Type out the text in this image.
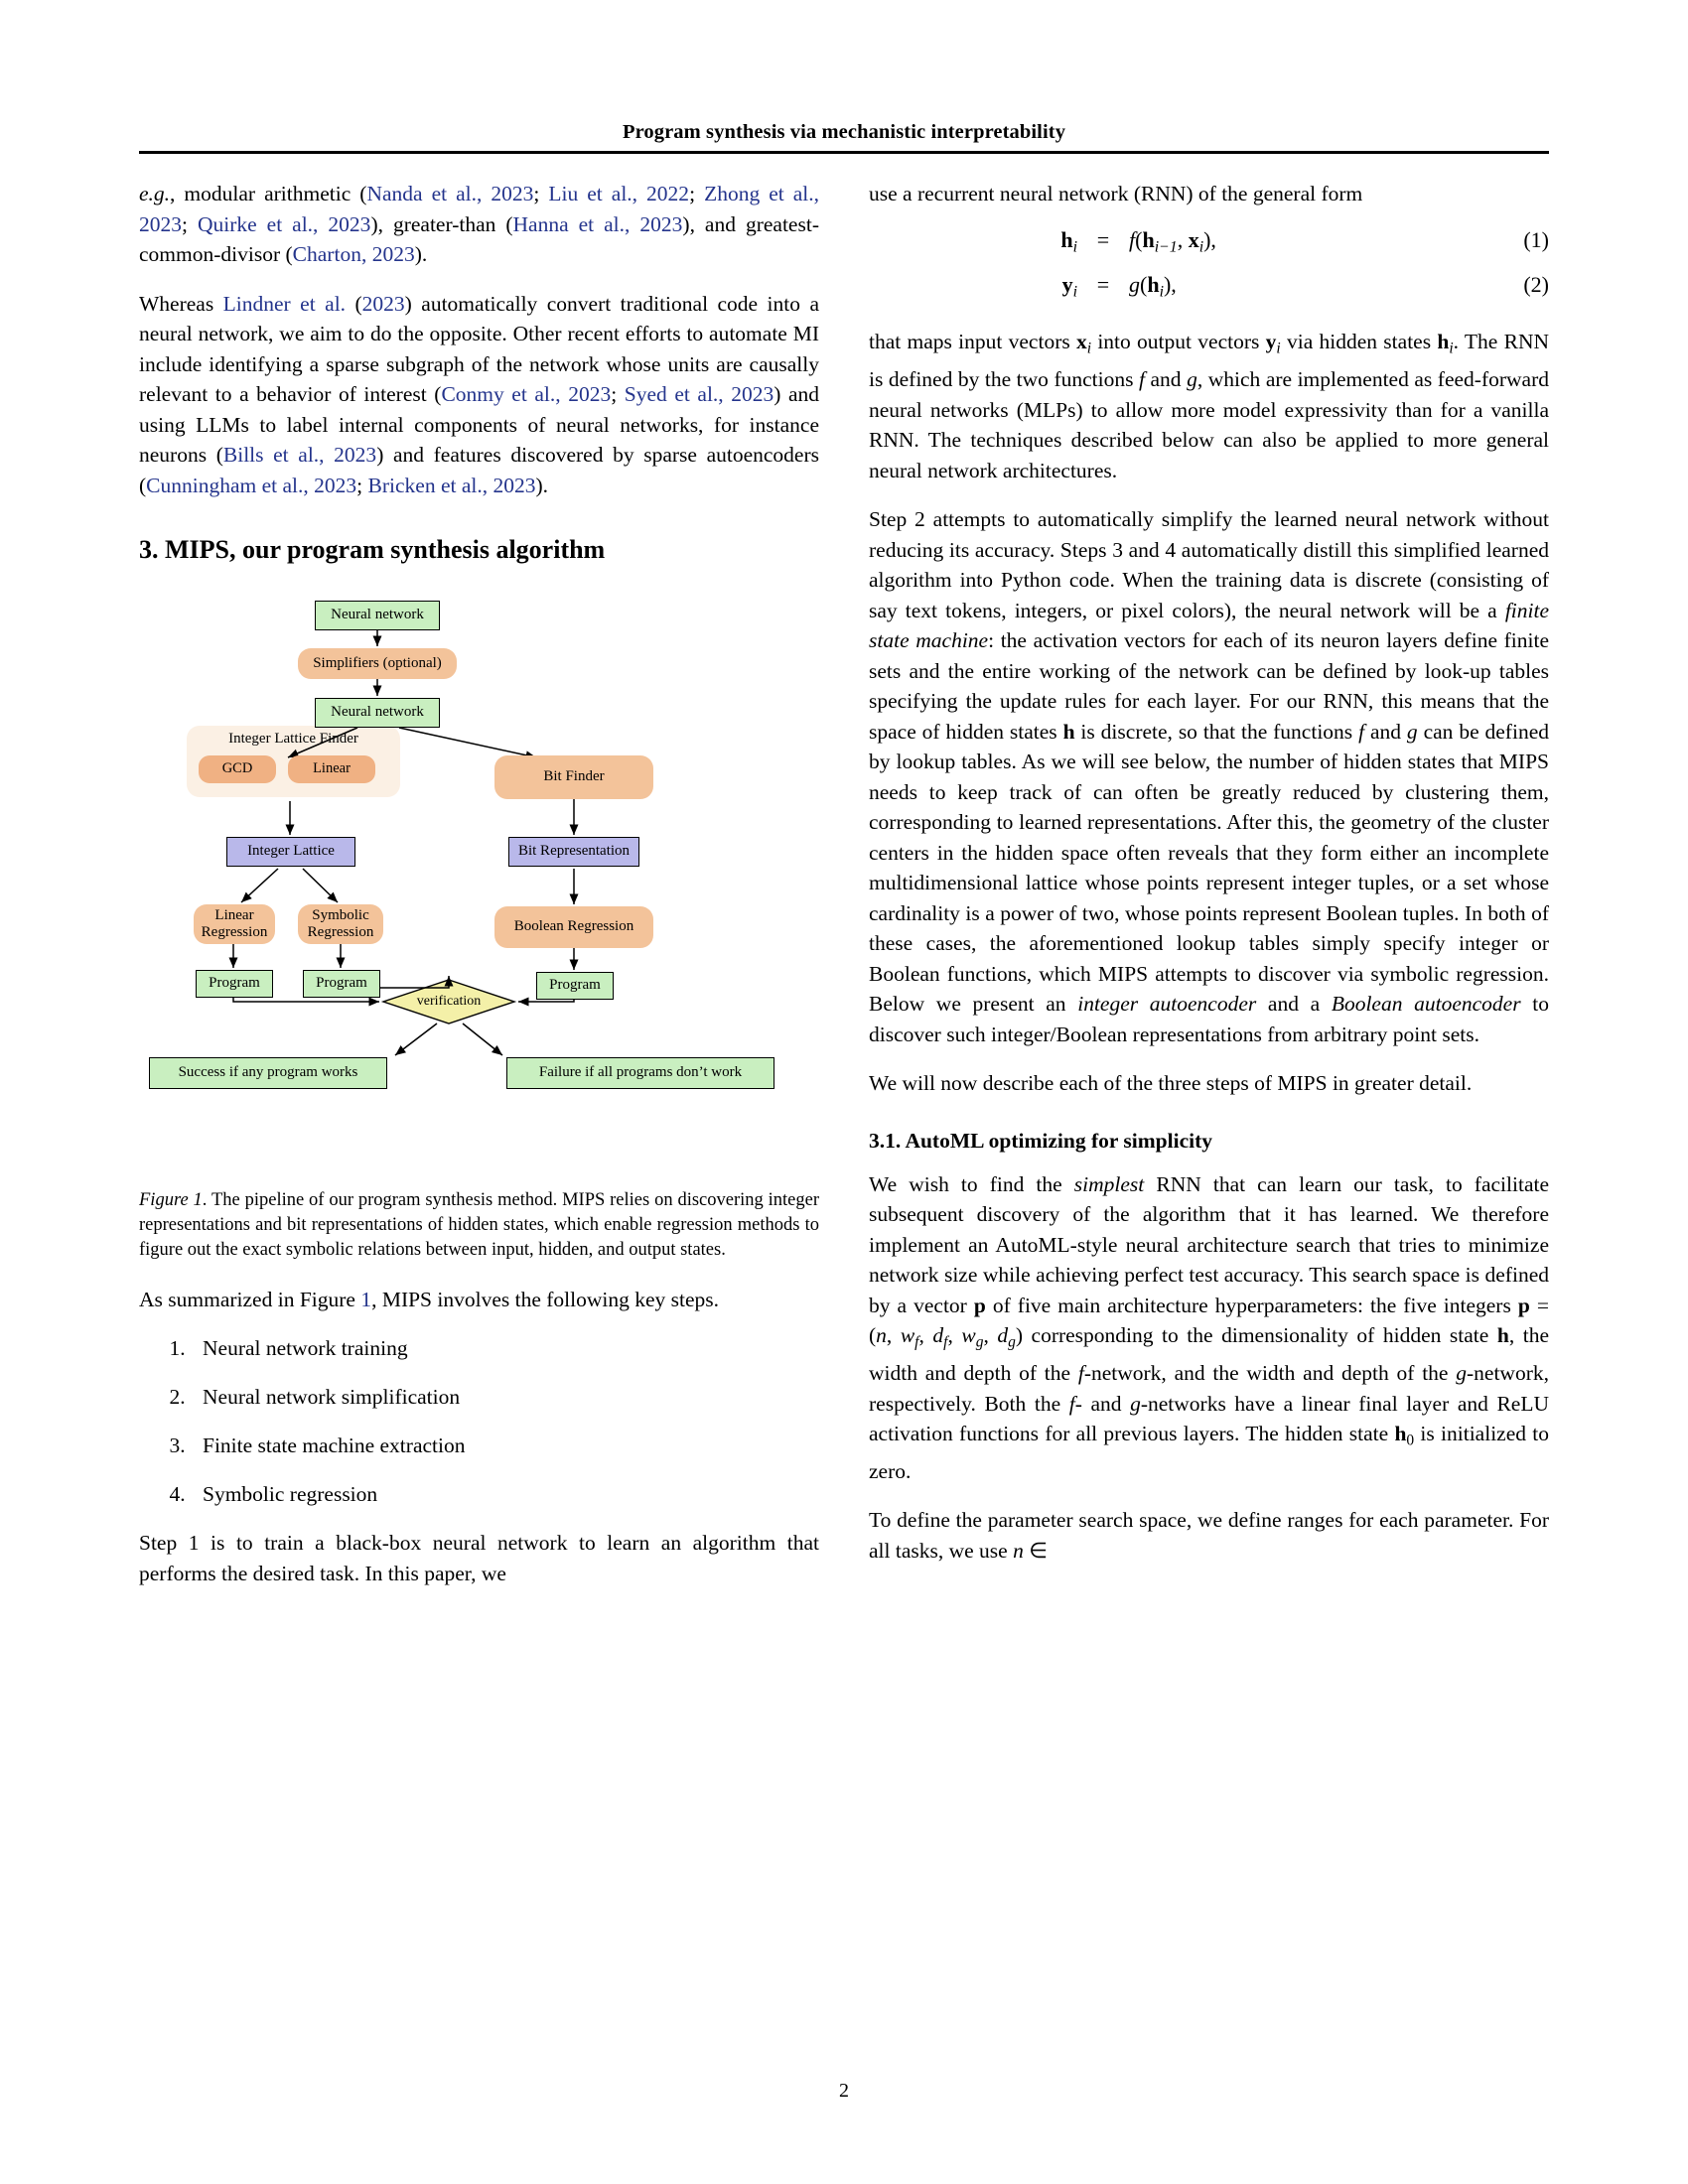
Program synthesis via mechanistic interpretability

e.g., modular arithmetic (Nanda et al., 2023; Liu et al., 2022; Zhong et al., 2023; Quirke et al., 2023), greater-than (Hanna et al., 2023), and greatest-common-divisor (Charton, 2023).

Whereas Lindner et al. (2023) automatically convert traditional code into a neural network, we aim to do the opposite. Other recent efforts to automate MI include identifying a sparse subgraph of the network whose units are causally relevant to a behavior of interest (Conmy et al., 2023; Syed et al., 2023) and using LLMs to label internal components of neural networks, for instance neurons (Bills et al., 2023) and features discovered by sparse autoencoders (Cunningham et al., 2023; Bricken et al., 2023).

3. MIPS, our program synthesis algorithm
Neural network
Simplifiers (optional)
Neural network
Integer Lattice Finder
GCD	Linear	Bit Finder
Integer Lattice	Bit Representation
Linear
Regression
Symbolic
Regression	Boolean Regression
Program	Program	Program
verification
Success if any program works	Failure if all programs don’t work

Figure 1. The pipeline of our program synthesis method. MIPS relies on discovering integer representations and bit representations of hidden states, which enable regression methods to figure out the exact symbolic relations between input, hidden, and output states.

As summarized in Figure 1, MIPS involves the following key steps.

1. Neural network training
2. Neural network simplification
3. Finite state machine extraction
4. Symbolic regression

Step 1 is to train a black-box neural network to learn an algorithm that performs the desired task. In this paper, we

use a recurrent neural network (RNN) of the general form

$h_i = f(h_{i-1}$, $x_i$),	(1)
$y_i = g(h_i)$,	(2)

that maps input vectors $x_i$ into output vectors $y_i$ via hidden states $h_i$. The RNN is defined by the two functions f and g, which are implemented as feed-forward neural networks (MLPs) to allow more model expressivity than for a vanilla RNN. The techniques described below can also be applied to more general neural network architectures.

Step 2 attempts to automatically simplify the learned neural network without reducing its accuracy. Steps 3 and 4 automatically distill this simplified learned algorithm into Python code. When the training data is discrete (consisting of say text tokens, integers, or pixel colors), the neural network will be a finite state machine: the activation vectors for each of its neuron layers define finite sets and the entire working of the network can be defined by look-up tables specifying the update rules for each layer. For our RNN, this means that the space of hidden states h is discrete, so that the functions f and g can be defined by lookup tables. As we will see below, the number of hidden states that MIPS needs to keep track of can often be greatly reduced by clustering them, corresponding to learned representations. After this, the geometry of the cluster centers in the hidden space often reveals that they form either an incomplete multidimensional lattice whose points represent integer tuples, or a set whose cardinality is a power of two, whose points represent Boolean tuples. In both of these cases, the aforementioned lookup tables simply specify integer or Boolean functions, which MIPS attempts to discover via symbolic regression. Below we present an integer autoencoder and a Boolean autoencoder to discover such integer/Boolean representations from arbitrary point sets.

We will now describe each of the three steps of MIPS in greater detail.

3.1. AutoML optimizing for simplicity

We wish to find the simplest RNN that can learn our task, to facilitate subsequent discovery of the algorithm that it has learned. We therefore implement an AutoML-style neural architecture search that tries to minimize network size while achieving perfect test accuracy. This search space is defined by a vector p of five main architecture hyperparameters: the five integers p = (n, $w_f$, $d_f$, $w_g$, $d_g$) corresponding to the dimensionality of hidden state h, the width and depth of the f-network, and the width and depth of the g-network, respectively. Both the f- and g-networks have a linear final layer and ReLU activation functions for all previous layers. The hidden state $h_0$ is initialized to zero.

To define the parameter search space, we define ranges for each parameter. For all tasks, we use n ∈

2
